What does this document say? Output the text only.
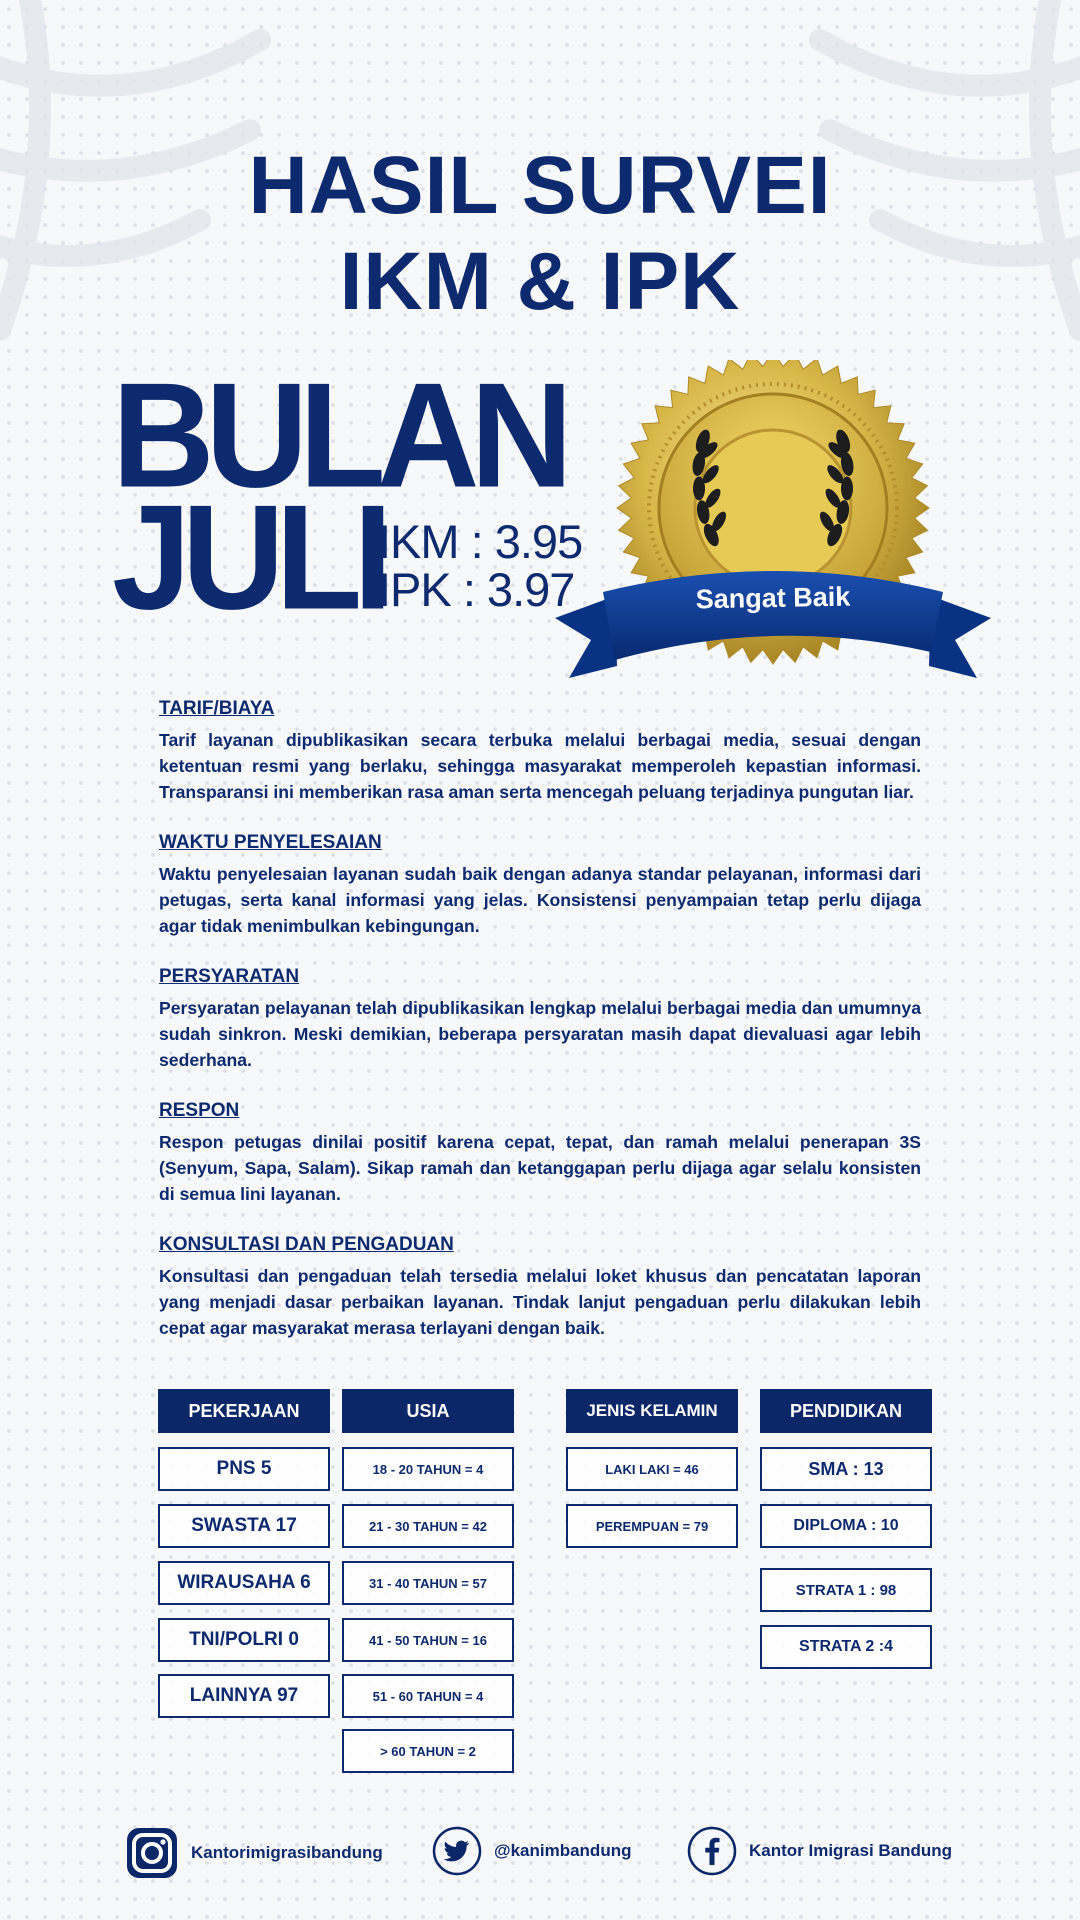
HASIL SURVEI
IKM & IPK
BULAN
JULI
IKM : 3.95
IPK : 3.97	Sangat Baik
TARIF/BIAYA

Tarif layanan dipublikasikan secara terbuka melalui berbagai media, sesuai dengan ketentuan resmi yang berlaku, sehingga masyarakat memperoleh kepastian informasi. Transparansi ini memberikan rasa aman serta mencegah peluang terjadinya pungutan liar.

WAKTU PENYELESAIAN

Waktu penyelesaian layanan sudah baik dengan adanya standar pelayanan, informasi dari petugas, serta kanal informasi yang jelas. Konsistensi penyampaian tetap perlu dijaga agar tidak menimbulkan kebingungan.

PERSYARATAN

Persyaratan pelayanan telah dipublikasikan lengkap melalui berbagai media dan umumnya sudah sinkron. Meski demikian, beberapa persyaratan masih dapat dievaluasi agar lebih sederhana.

RESPON

Respon petugas dinilai positif karena cepat, tepat, dan ramah melalui penerapan 3S (Senyum, Sapa, Salam). Sikap ramah dan ketanggapan perlu dijaga agar selalu konsisten di semua lini layanan.

KONSULTASI DAN PENGADUAN

Konsultasi dan pengaduan telah tersedia melalui loket khusus dan pencatatan laporan yang menjadi dasar perbaikan layanan. Tindak lanjut pengaduan perlu dilakukan lebih cepat agar masyarakat merasa terlayani dengan baik.

PEKERJAAN
PNS 5
SWASTA 17
WIRAUSAHA 6
TNI/POLRI 0
LAINNYA 97
USIA
18 - 20 TAHUN = 4
21 - 30 TAHUN = 42
31 - 40 TAHUN = 57
41 - 50 TAHUN = 16
51 - 60 TAHUN = 4
> 60 TAHUN = 2
JENIS KELAMIN
LAKI LAKI = 46
PEREMPUAN = 79
PENDIDIKAN
SMA : 13
DIPLOMA : 10
STRATA 1 : 98
STRATA 2 :4
Kantorimigrasibandung	@kanimbandung	Kantor Imigrasi Bandung
